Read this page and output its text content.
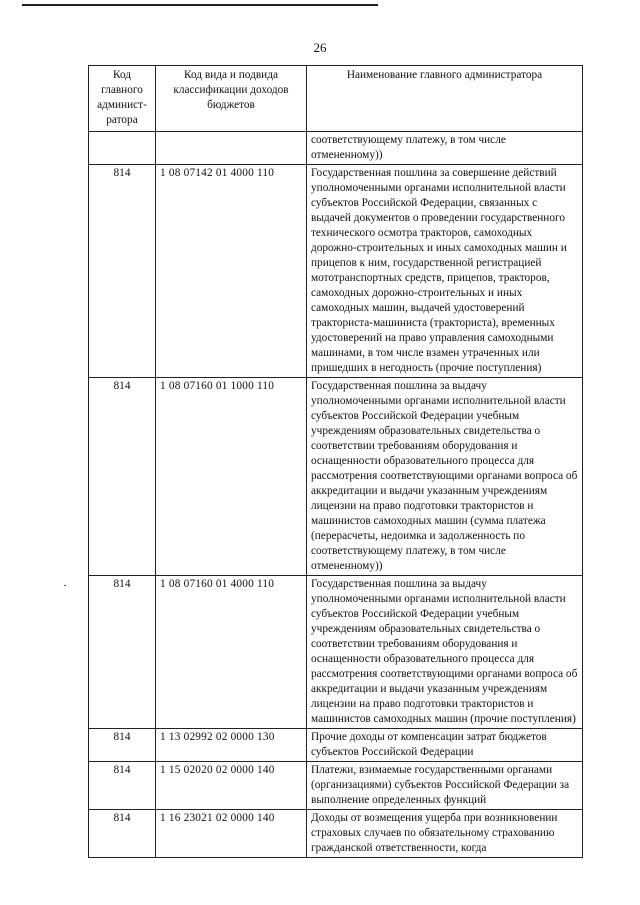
26
Код главного админист-ратора	Код вида и подвида классификации доходов бюджетов	Наименование главного администратора
		соответствующему платежу, в том числе отмененному))
814	1 08 07142 01 4000 110	Государственная пошлина за совершение действий уполномоченными органами исполнительной власти субъектов Российской Федерации, связанных с выдачей документов о проведении государственного технического осмотра тракторов, самоходных дорожно-строительных и иных самоходных машин и прицепов к ним, государственной регистрацией мототранспортных средств, прицепов, тракторов, самоходных дорожно-строительных и иных самоходных машин, выдачей удостоверений тракториста-машиниста (тракториста), временных удостоверений на право управления самоходными машинами, в том числе взамен утраченных или пришедших в негодность (прочие поступления)
814	1 08 07160 01 1000 110	Государственная пошлина за выдачу уполномоченными органами исполнительной власти субъектов Российской Федерации учебным учреждениям образовательных свидетельства о соответствии требованиям оборудования и оснащенности образовательного процесса для рассмотрения соответствующими органами вопроса об аккредитации и выдачи указанным учреждениям лицензии на право подготовки трактористов и машинистов самоходных машин (сумма платежа (перерасчеты, недоимка и задолженность по соответствующему платежу, в том числе отмененному))
814	1 08 07160 01 4000 110	Государственная пошлина за выдачу уполномоченными органами исполнительной власти субъектов Российской Федерации учебным учреждениям образовательных свидетельства о соответствии требованиям оборудования и оснащенности образовательного процесса для рассмотрения соответствующими органами вопроса об аккредитации и выдачи указанным учреждениям лицензии на право подготовки трактористов и машинистов самоходных машин (прочие поступления)
814	1 13 02992 02 0000 130	Прочие доходы от компенсации затрат бюджетов субъектов Российской Федерации
814	1 15 02020 02 0000 140	Платежи, взимаемые государственными органами (организациями) субъектов Российской Федерации за выполнение определенных функций
814	1 16 23021 02 0000 140	Доходы от возмещения ущерба при возникновении страховых случаев по обязательному страхованию гражданской ответственности, когда
